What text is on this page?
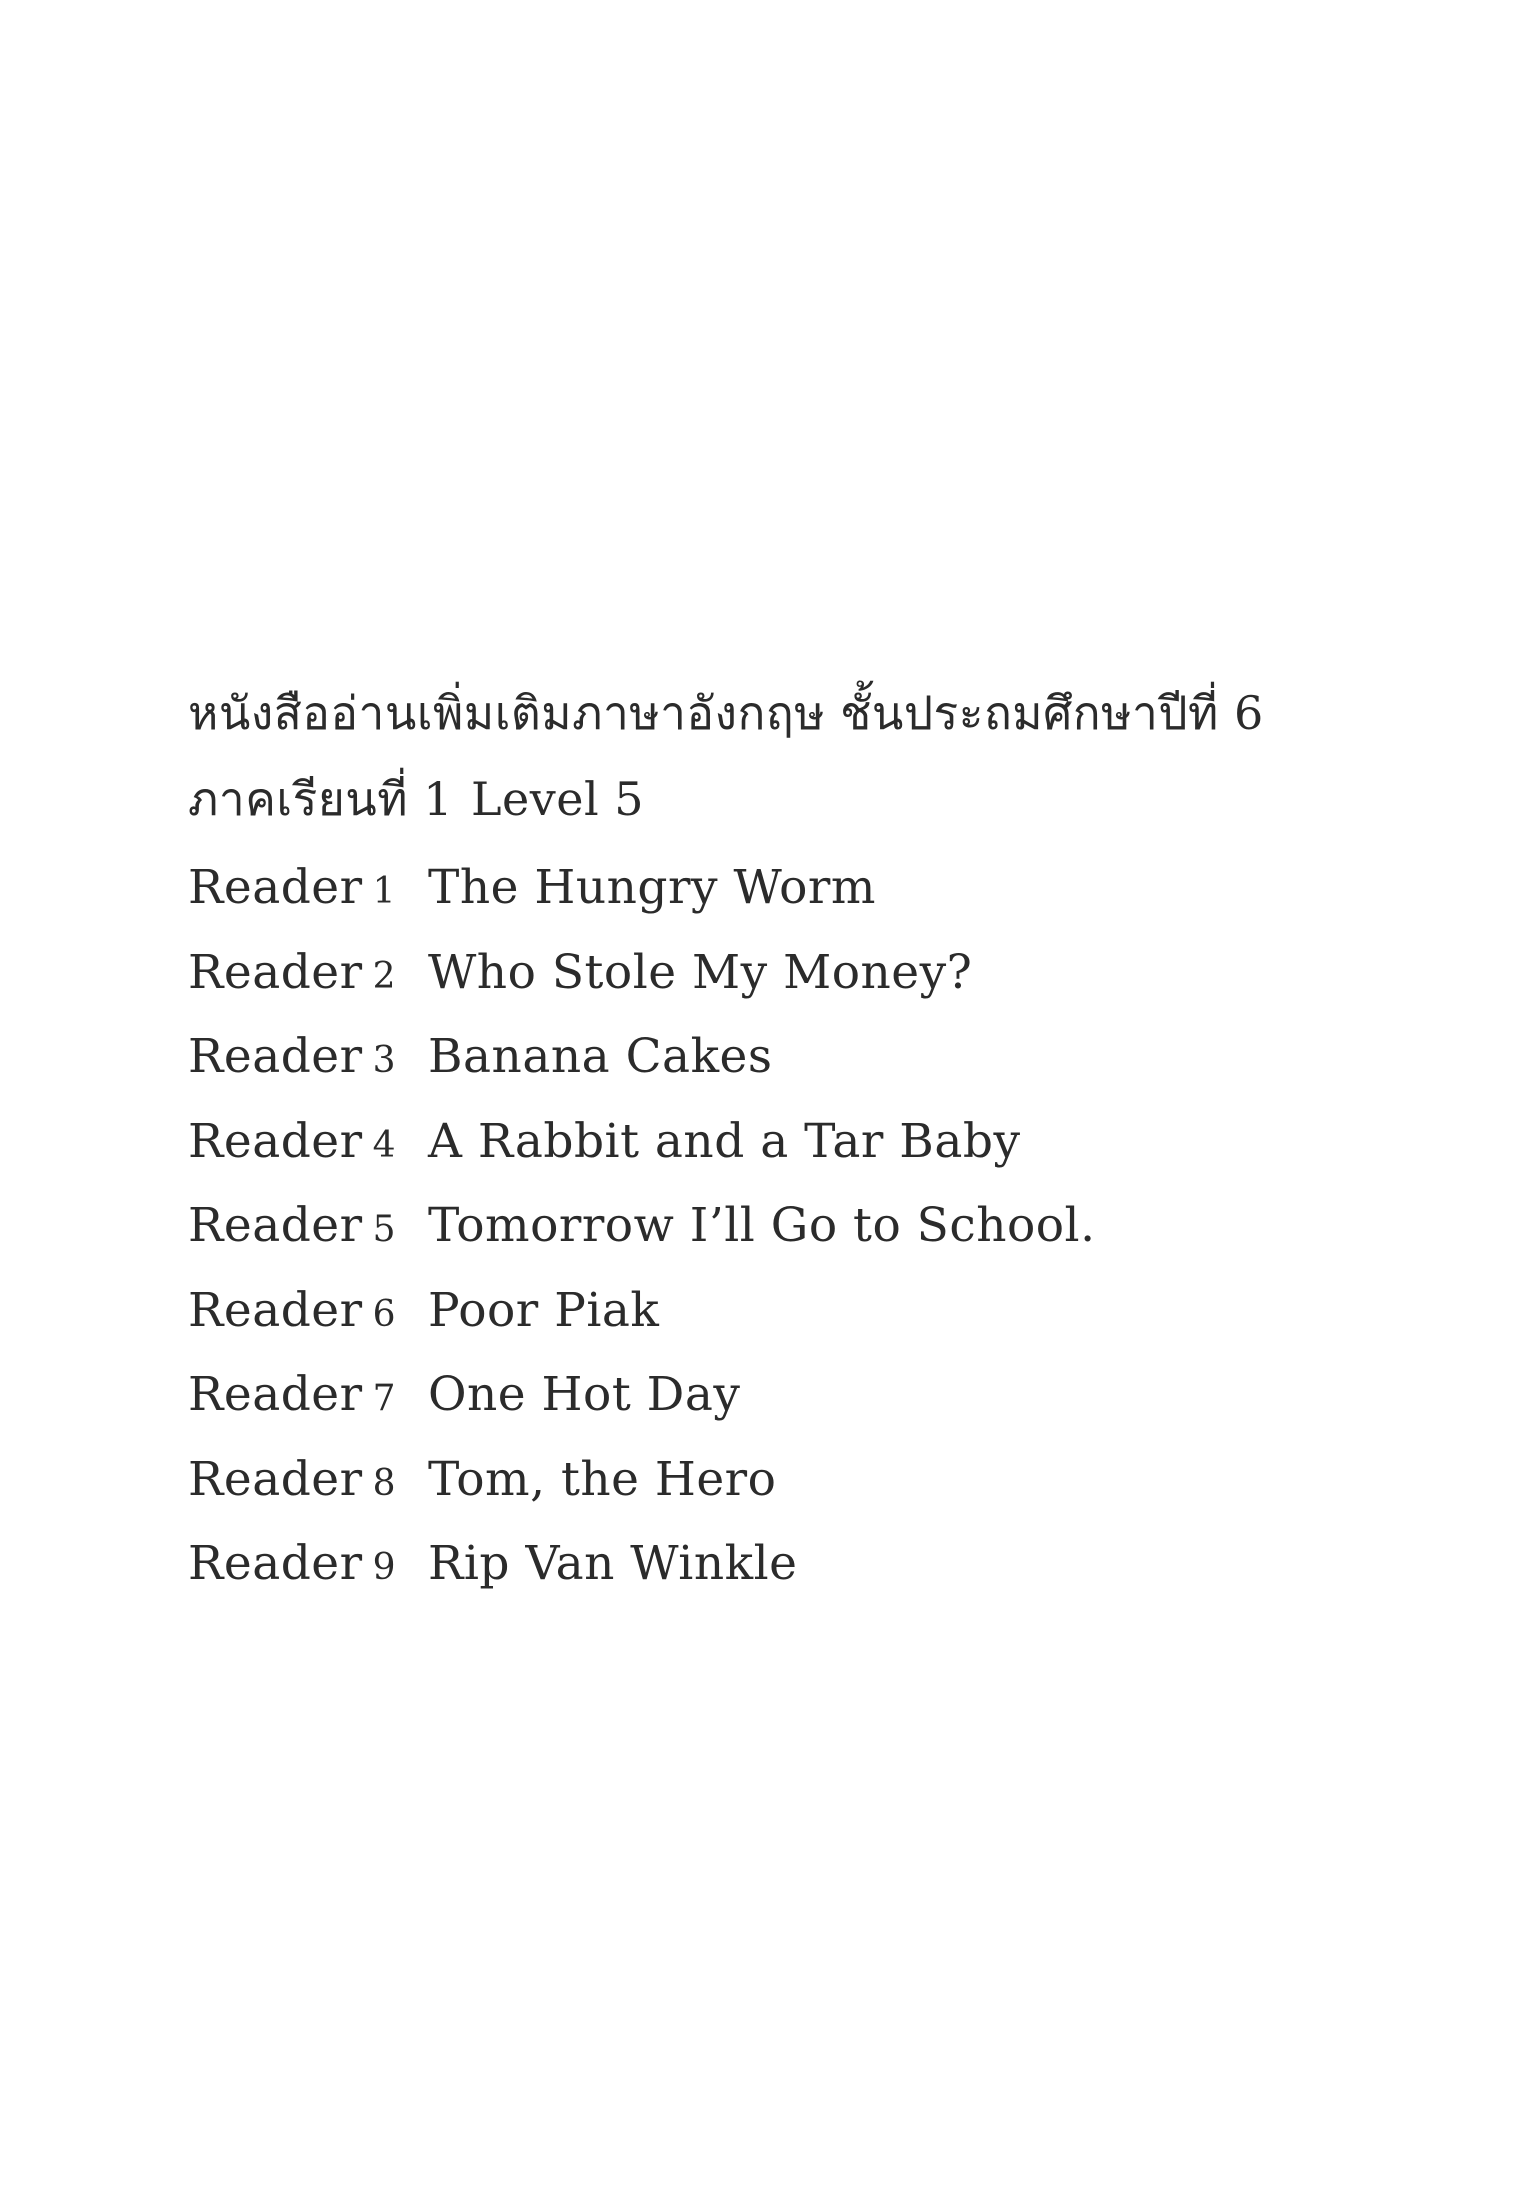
หนังสืออ่านเพิ่มเติมภาษาอังกฤษ ชั้นประถมศึกษาปีที่ 6
ภาคเรียนที่ 1 Level 5
Reader 1 The Hungry Worm
Reader 2 Who Stole My Money?
Reader 3 Banana Cakes
Reader 4 A Rabbit and a Tar Baby
Reader 5 Tomorrow I’ll Go to School.
Reader 6 Poor Piak
Reader 7 One Hot Day
Reader 8 Tom, the Hero
Reader 9 Rip Van Winkle
